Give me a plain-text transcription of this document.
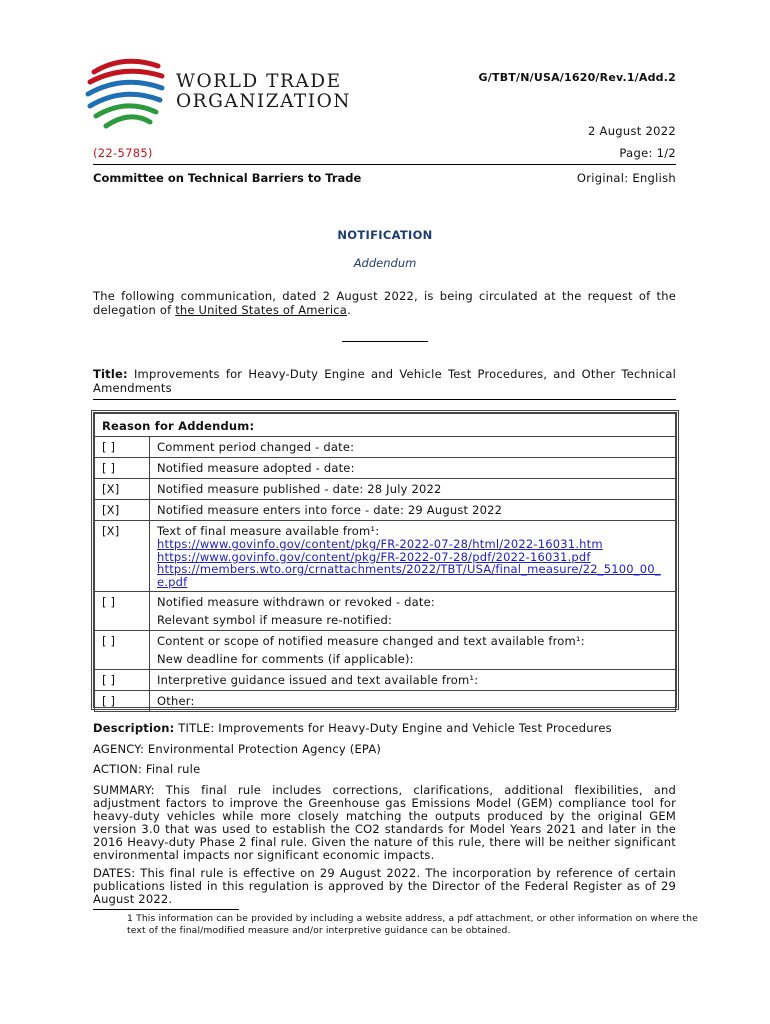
WORLD TRADE
ORGANIZATION
G/TBT/N/USA/1620/Rev.1/Add.2
2 August 2022
(22-5785)	Page: 1/2
Committee on Technical Barriers to Trade	Original: English
NOTIFICATION
Addendum
The following communication, dated 2 August 2022, is being circulated at the request of the delegation of the United States of America.
Title: Improvements for Heavy-Duty Engine and Vehicle Test Procedures, and Other Technical Amendments
Reason for Addendum:	
[ ]	Comment period changed - date:
[ ]	Notified measure adopted - date:
[X]	Notified measure published - date: 28 July 2022
[X]	Notified measure enters into force - date: 29 August 2022
[X]	Text of final measure available from¹:
https://www.govinfo.gov/content/pkg/FR-2022-07-28/html/2022-16031.htm
https://www.govinfo.gov/content/pkg/FR-2022-07-28/pdf/2022-16031.pdf
https://members.wto.org/crnattachments/2022/TBT/USA/final_measure/22_5100_00_e.pdf

[ ]	Notified measure withdrawn or revoked - date:
Relevant symbol if measure re-notified:

[ ]	Content or scope of notified measure changed and text available from¹:
New deadline for comments (if applicable):

[ ]	Interpretive guidance issued and text available from¹:
[ ]	Other:
Description: TITLE: Improvements for Heavy-Duty Engine and Vehicle Test Procedures
AGENCY: Environmental Protection Agency (EPA)
ACTION: Final rule
SUMMARY: This final rule includes corrections, clarifications, additional flexibilities, and adjustment factors to improve the Greenhouse gas Emissions Model (GEM) compliance tool for heavy-duty vehicles while more closely matching the outputs produced by the original GEM version 3.0 that was used to establish the CO2 standards for Model Years 2021 and later in the 2016 Heavy-duty Phase 2 final rule. Given the nature of this rule, there will be neither significant environmental impacts nor significant economic impacts.
DATES: This final rule is effective on 29 August 2022. The incorporation by reference of certain publications listed in this regulation is approved by the Director of the Federal Register as of 29 August 2022.
1 This information can be provided by including a website address, a pdf attachment, or other information on where the text of the final/modified measure and/or interpretive guidance can be obtained.
